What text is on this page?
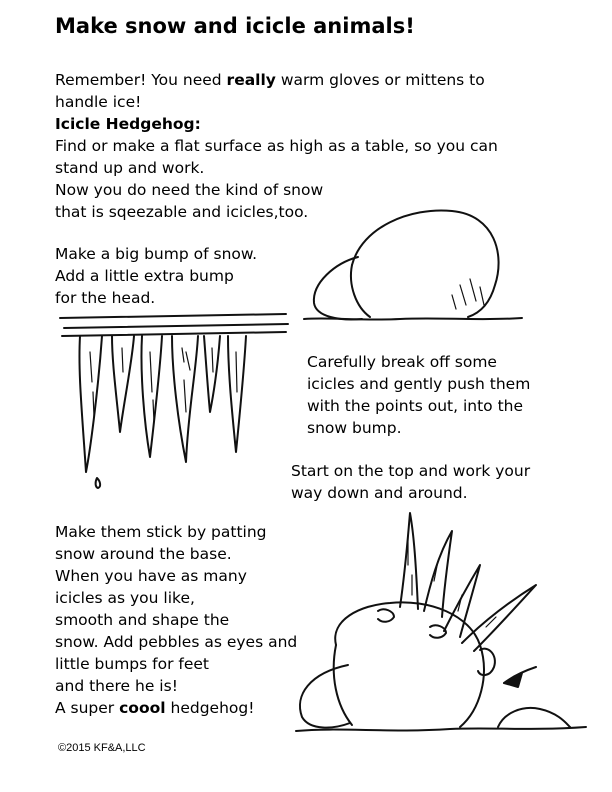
Make snow and icicle animals!
Remember! You need really warm gloves or mittens to
handle ice!
Icicle Hedgehog:
Find or make a flat surface as high as a table, so you can
stand up and work.
Now you do need the kind of snow
that is sqeezable and icicles,too.
Make a big bump of snow.
Add a little extra bump
for the head.
Carefully break off some
icicles and gently push them
with the points out, into the
snow bump.
Start on the top and work your
way down and around.
Make them stick by patting
snow around the base.
When you have as many
icicles as you like,
smooth and shape the
snow. Add pebbles as eyes and
little bumps for feet
and there he is!
A super coool hedgehog!
©2015 KF&A,LLC
